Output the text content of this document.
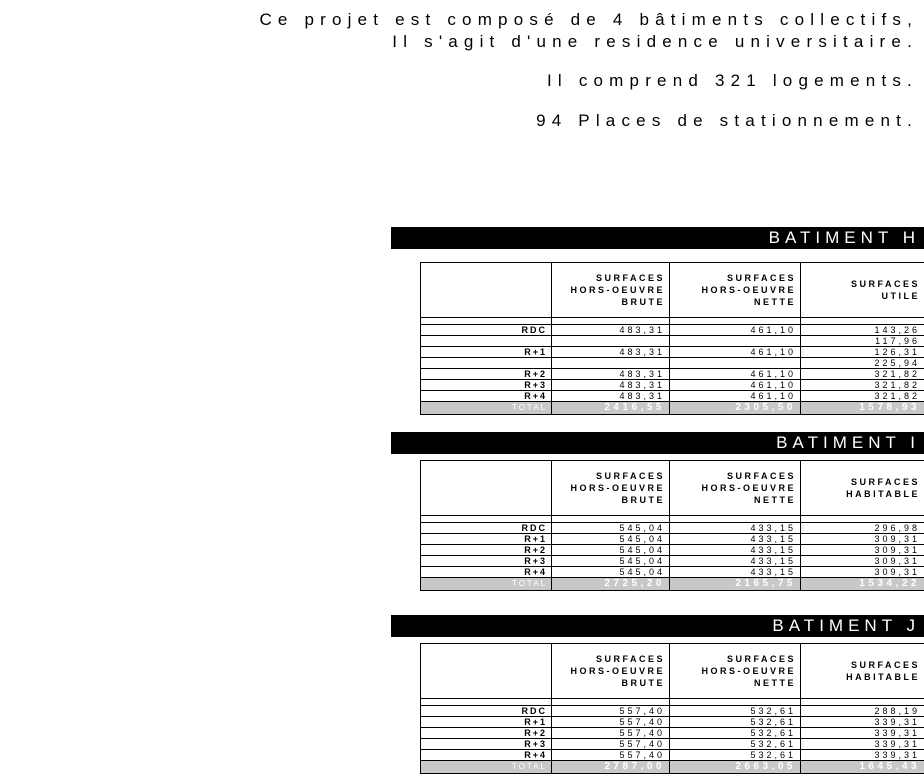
Ce projet est composé de 4 bâtiments collectifs,
Il s'agit d'une residence universitaire.
Il comprend 321 logements.
94 Places de stationnement.
BATIMENT H
	SURFACES
HORS-OEUVRE
BRUTE	SURFACES
HORS-OEUVRE
NETTE	SURFACES
UTILE

RDC	483,31	461,10	143,26
			117,96
R+1	483,31	461,10	126,31
			225,94
R+2	483,31	461,10	321,82
R+3	483,31	461,10	321,82
R+4	483,31	461,10	321,82
TOTAL	2416,55	2305,50	1578,93
BATIMENT I
	SURFACES
HORS-OEUVRE
BRUTE	SURFACES
HORS-OEUVRE
NETTE	SURFACES
HABITABLE

RDC	545,04	433,15	296,98
R+1	545,04	433,15	309,31
R+2	545,04	433,15	309,31
R+3	545,04	433,15	309,31
R+4	545,04	433,15	309,31
TOTAL	2725,20	2165,75	1534,22
BATIMENT J
	SURFACES
HORS-OEUVRE
BRUTE	SURFACES
HORS-OEUVRE
NETTE	SURFACES
HABITABLE

RDC	557,40	532,61	288,19
R+1	557,40	532,61	339,31
R+2	557,40	532,61	339,31
R+3	557,40	532,61	339,31
R+4	557,40	532,61	339,31
TOTAL	2787,00	2663,05	1645,43
